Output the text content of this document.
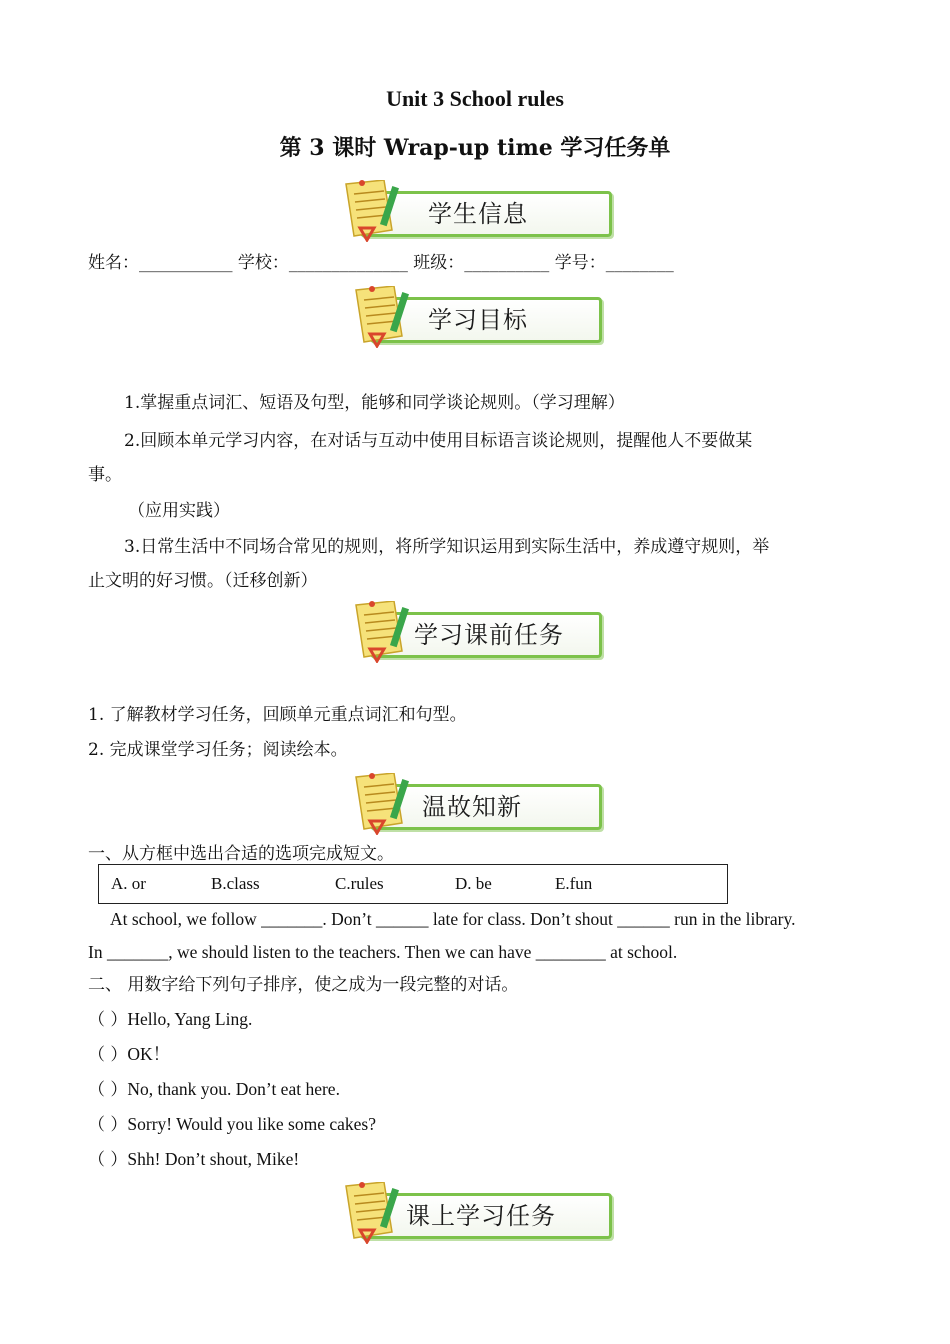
Unit 3 School rules
第 3 课时 Wrap-up time 学习任务单
学生信息
姓名：___________ 学校：______________ 班级：__________ 学号：________
学习目标
1.掌握重点词汇、短语及句型，能够和同学谈论规则。（学习理解）
2.回顾本单元学习内容，在对话与互动中使用目标语言谈论规则，提醒他人不要做某
事。
（应用实践）
3.日常生活中不同场合常见的规则，将所学知识运用到实际生活中，养成遵守规则，举
止文明的好习惯。（迁移创新）
学习课前任务
1. 了解教材学习任务，回顾单元重点词汇和句型。
2. 完成课堂学习任务；阅读绘本。
温故知新
一、从方框中选出合适的选项完成短文。
A. or	B.class	C.rules	D. be	E.fun
At school, we follow _______. Don’t ______ late for class. Don’t shout ______ run in the library.
In _______, we should listen to the teachers. Then we can have ________ at school.
二、 用数字给下列句子排序，使之成为一段完整的对话。
（ ）Hello, Yang Ling.
（ ）OK！
（ ）No, thank you. Don’t eat here.
（ ）Sorry! Would you like some cakes?
（ ）Shh! Don’t shout, Mike!
课上学习任务
